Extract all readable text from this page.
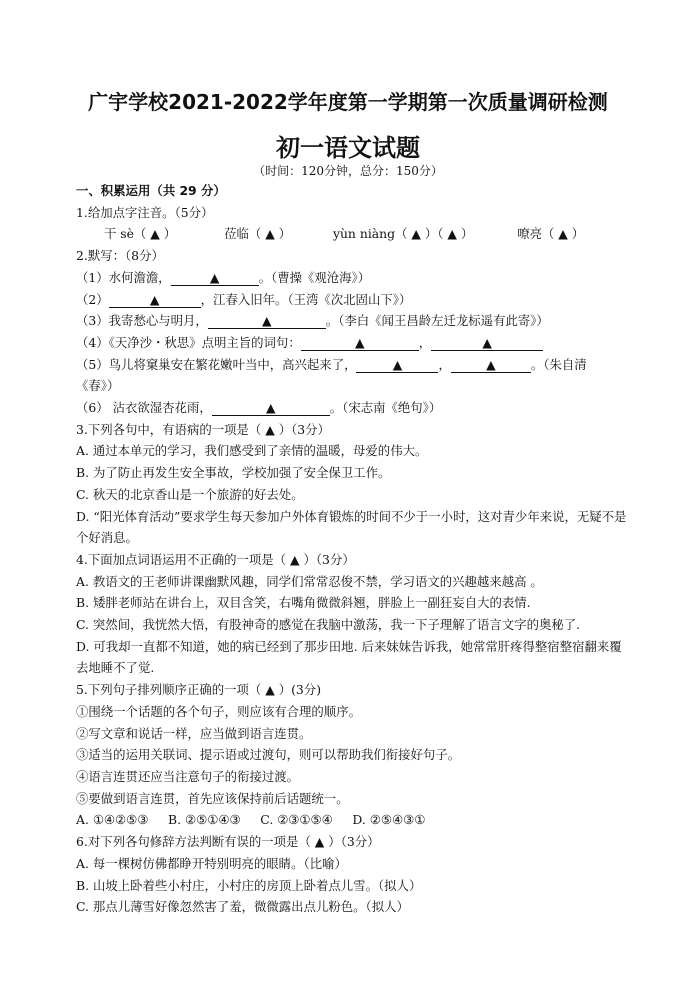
广宇学校2021-2022学年度第一学期第一次质量调研检测
初一语文试题
（时间：120分钟，总分：150分）
一、积累运用（共 29 分）
1.给加点字注音。（5分）
干 sè（ ▲ ）	莅临（ ▲ ）	yùn niàng（ ▲ ）（ ▲ ）	嘹亮（ ▲ ）
2.默写：（8分）
（1）水何澹澹，	▲	。（曹操《观沧海》）
（2）	▲	，江春入旧年。（王湾《次北固山下》）
（3）我寄愁心与明月，	▲	。（李白《闻王昌龄左迁龙标遥有此寄》）
（4）《天净沙・秋思》点明主旨的词句：	▲	，	▲
（5）鸟儿将窠巢安在繁花嫩叶当中，高兴起来了，	▲	，	▲	。（朱自清
《春》）
（6） 沾衣欲湿杏花雨，	▲	。（宋志南《绝句》）
3.下列各句中，有语病的一项是（ ▲ ）（3分）
A. 通过本单元的学习，我们感受到了亲情的温暖，母爱的伟大。
B. 为了防止再发生安全事故，学校加强了安全保卫工作。
C. 秋天的北京香山是一个旅游的好去处。
D. “阳光体育活动”要求学生每天参加户外体育锻炼的时间不少于一小时，这对青少年来说，无疑不是个好消息。
4.下面加点词语运用不正确的一项是（ ▲ ）（3分）
A. 教语文的王老师讲课幽默风趣，同学们常常忍俊不禁，学习语文的兴趣越来越高 。
B. 矮胖老师站在讲台上，双目含笑，右嘴角微微斜翘，胖脸上一副狂妄自大的表情.
C. 突然间，我恍然大悟，有股神奇的感觉在我脑中激荡，我一下子理解了语言文字的奥秘了.
D. 可我却一直都不知道，她的病已经到了那步田地. 后来妹妹告诉我，她常常肝疼得整宿整宿翻来覆去地睡不了觉.
5.下列句子排列顺序正确的一项（ ▲ ）(3分)
①围绕一个话题的各个句子，则应该有合理的顺序。
②写文章和说话一样，应当做到语言连贯。
③适当的运用关联词、提示语或过渡句，则可以帮助我们衔接好句子。
④语言连贯还应当注意句子的衔接过渡。
⑤要做到语言连贯，首先应该保持前后话题统一。
A. ①④②⑤③     B. ②⑤①④③     C. ②③①⑤④     D. ②⑤④③①
6.对下列各句修辞方法判断有误的一项是（ ▲ ）（3分）
A. 每一棵树仿佛都睁开特别明亮的眼睛。（比喻）
B. 山坡上卧着些小村庄，小村庄的房顶上卧着点儿雪。（拟人）
C. 那点儿薄雪好像忽然害了羞，微微露出点儿粉色。（拟人）
